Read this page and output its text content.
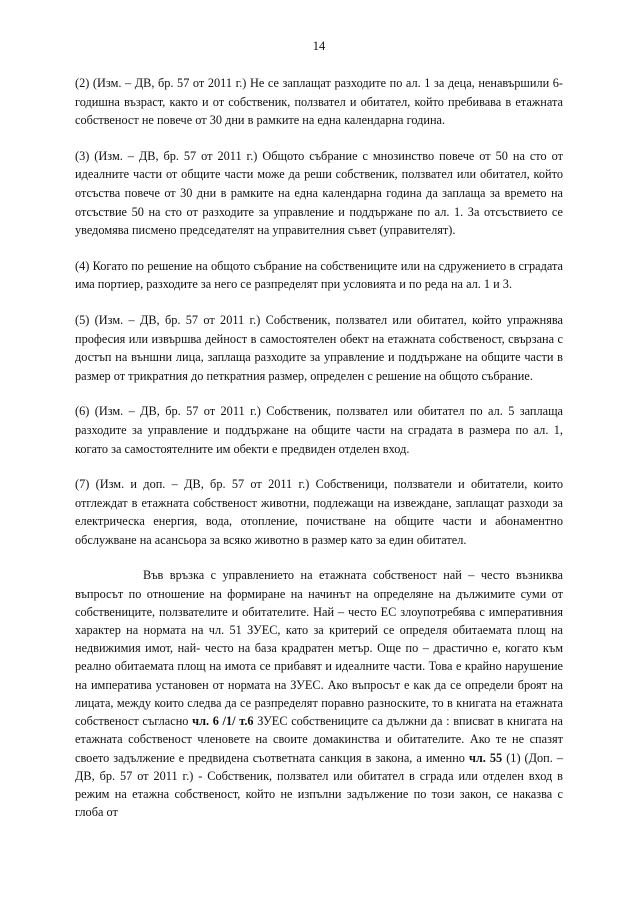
14

(2) (Изм. – ДВ, бр. 57 от 2011 г.) Не се заплащат разходите по ал. 1 за деца, ненавършили 6-годишна възраст, както и от собственик, ползвател и обитател, който пребивава в етажната собственост не повече от 30 дни в рамките на една календарна година.

(3) (Изм. – ДВ, бр. 57 от 2011 г.) Общото събрание с мнозинство повече от 50 на сто от идеалните части от общите части може да реши собственик, ползвател или обитател, който отсъства повече от 30 дни в рамките на една календарна година да заплаща за времето на отсъствие 50 на сто от разходите за управление и поддържане по ал. 1. За отсъствието се уведомява писмено председателят на управителния съвет (управителят).

(4) Когато по решение на общото събрание на собствениците или на сдружението в сградата има портиер, разходите за него се разпределят при условията и по реда на ал. 1 и 3.

(5) (Изм. – ДВ, бр. 57 от 2011 г.) Собственик, ползвател или обитател, който упражнява професия или извършва дейност в самостоятелен обект на етажната собственост, свързана с достъп на външни лица, заплаща разходите за управление и поддържане на общите части в размер от трикратния до петкратния размер, определен с решение на общото събрание.

(6) (Изм. – ДВ, бр. 57 от 2011 г.) Собственик, ползвател или обитател по ал. 5 заплаща разходите за управление и поддържане на общите части на сградата в размера по ал. 1, когато за самостоятелните им обекти е предвиден отделен вход.

(7) (Изм. и доп. – ДВ, бр. 57 от 2011 г.) Собственици, ползватели и обитатели, които отглеждат в етажната собственост животни, подлежащи на извеждане, заплащат разходи за електрическа енергия, вода, отопление, почистване на общите части и абонаментно обслужване на асансьора за всяко животно в размер като за един обитател.

Във връзка с управлението на етажната собственост най – често възниква въпросът по отношение на формиране на начинът на определяне на дължимите суми от собствениците, ползвателите и обитателите. Най – често ЕС злоупотребява с императивния характер на нормата на чл. 51 ЗУЕС, като за критерий се определя обитаемата площ на недвижимия имот, най- често на база крадратен метър. Още по – драстично е, когато към реално обитаемата площ на имота се прибавят и идеалните части. Това е крайно нарушение на императива установен от нормата на ЗУЕС. Ако въпросът е как да се определи броят на лицата, между които следва да се разпределят поравно разноските, то в книгата на етажната собственост съгласно чл. 6 /1/ т.6 ЗУЕС собствениците са дължни да : вписват в книгата на етажната собственост членовете на своите домакинства и обитателите. Ако те не спазят своето задължение е предвидена съответната санкция в закона, а именно чл. 55 (1) (Доп. – ДВ, бр. 57 от 2011 г.) - Собственик, ползвател или обитател в сграда или отделен вход в режим на етажна собственост, който не изпълни задължение по този закон, се наказва с глоба от
